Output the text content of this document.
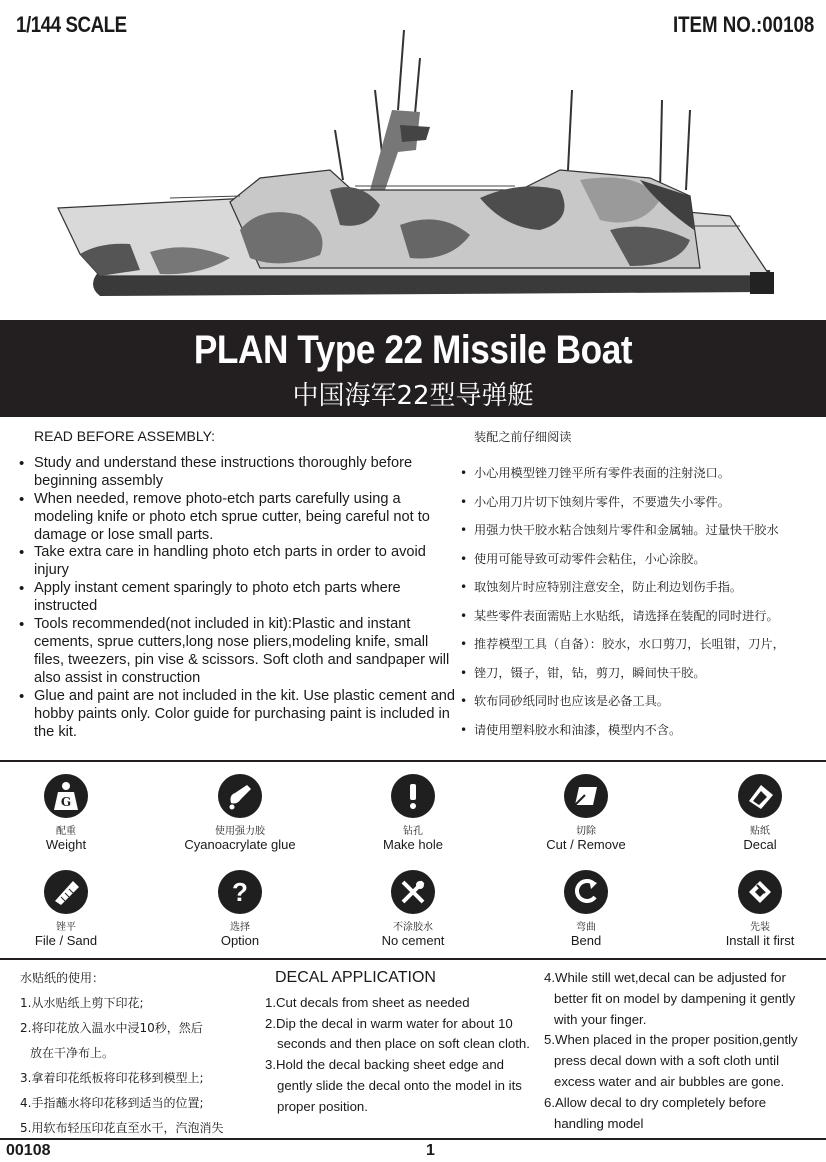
1/144 SCALE	ITEM NO.:00108
PLAN Type 22 Missile Boat
中国海军22型导弹艇
READ BEFORE ASSEMBLY:
• Study and understand these instructions thoroughly before beginning assembly
• When needed, remove photo-etch parts carefully using a modeling knife or photo etch sprue cutter, being careful not to damage or lose small parts.
• Take extra care in handling photo etch parts in order to avoid injury
• Apply instant cement sparingly to photo etch parts where instructed
• Tools recommended(not included in kit):Plastic and instant cements, sprue cutters,long nose pliers,modeling knife, small files, tweezers, pin vise & scissors. Soft cloth and sandpaper will also assist in construction
• Glue and paint are not included in the kit. Use plastic cement and hobby paints only. Color guide for purchasing paint is included in the kit.
装配之前仔细阅读
• 小心用模型锉刀锉平所有零件表面的注射浇口。
• 小心用刀片切下蚀刻片零件，不要遗失小零件。
• 用强力快干胶水粘合蚀刻片零件和金属轴。过量快干胶水
• 使用可能导致可动零件会粘住，小心涂胶。
• 取蚀刻片时应特别注意安全，防止利边划伤手指。
• 某些零件表面需贴上水贴纸，请选择在装配的同时进行。
• 推荐模型工具（自备）：胶水，水口剪刀，长咀钳，刀片，
• 锉刀，镊子，钳，钻，剪刀，瞬间快干胶。
• 软布同砂纸同时也应该是必备工具。
• 请使用塑料胶水和油漆，模型内不含。
G
配重
Weight
使用强力胶
Cyanoacrylate glue
钻孔
Make hole
切除
Cut / Remove
贴纸
Decal
锉平
File / Sand
?
选择
Option
不涂胶水
No cement
弯曲
Bend
先装
Install it first
水贴纸的使用：
1.从水贴纸上剪下印花;
2.将印花放入温水中浸10秒，然后
放在干净布上。
3.拿着印花纸板将印花移到模型上;
4.手指蘸水将印花移到适当的位置;
5.用软布轻压印花直至水干，汽泡消失
DECAL APPLICATION
1.Cut decals from sheet as needed
2.Dip the decal in warm water for about 10
seconds and then place on soft clean cloth.
3.Hold the decal backing sheet edge and
gently slide the decal onto the model in its
proper position.
4.While still wet,decal can be adjusted for
better fit on model by dampening it gently
with your finger.
5.When placed in the proper position,gently
press decal down with a soft cloth until
excess water and air bubbles are gone.
6.Allow decal to dry completely before
handling model
00108	1
